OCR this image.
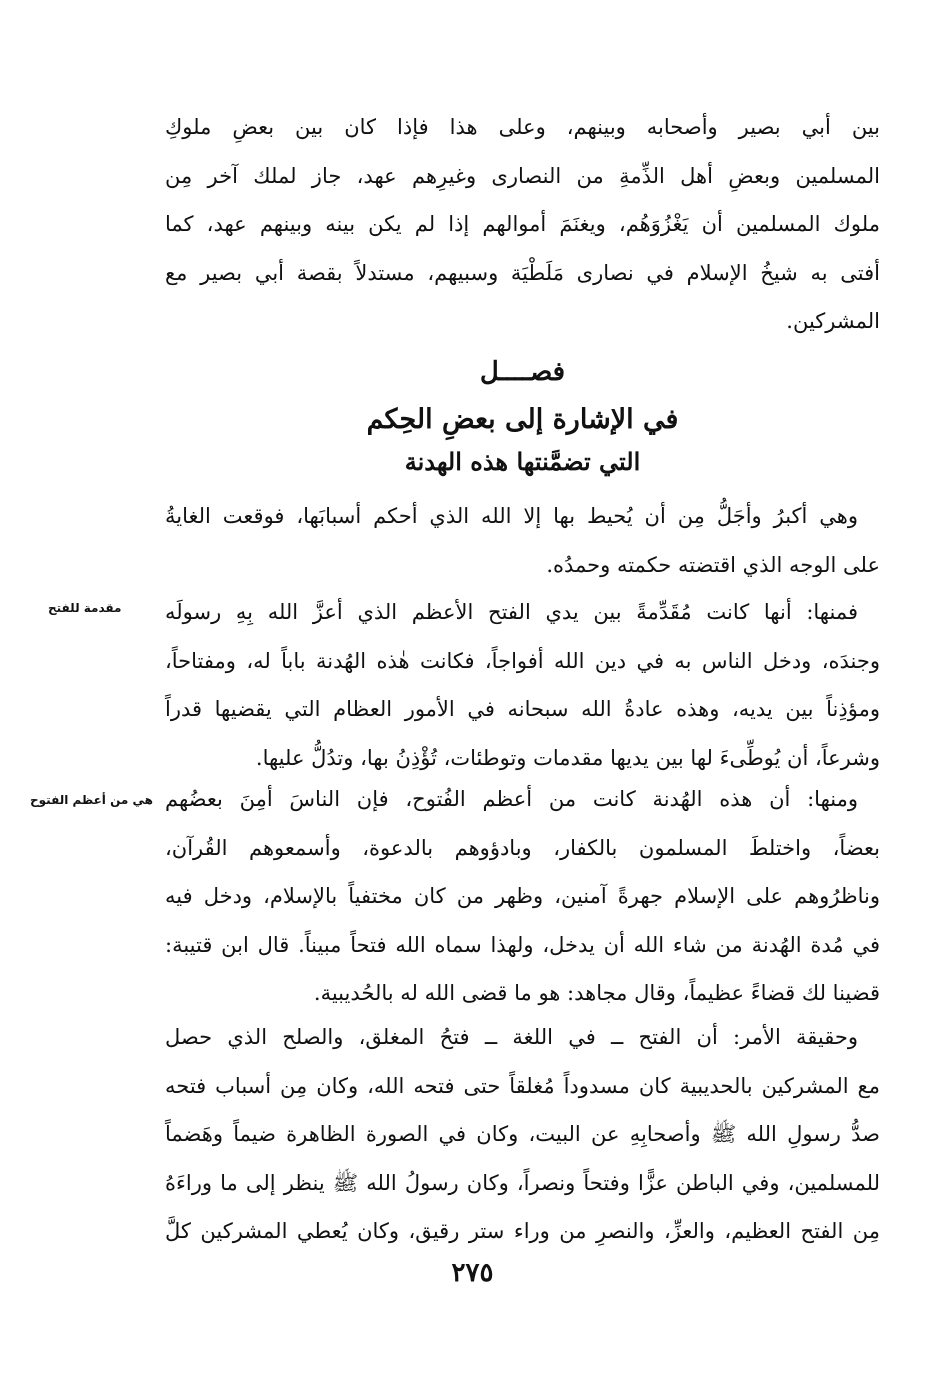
بين أبي بصير وأصحابه وبينهم، وعلى هذا فإذا كان بين بعضِ ملوكِ
المسلمين وبعضِ أهل الذِّمةِ من النصارى وغيرِهم عهد، جاز لملك آخر مِن
ملوك المسلمين أن يَغْزُوَهُم، ويغنَمَ أموالهم إذا لم يكن بينه وبينهم عهد، كما
أفتى به شيخُ الإسلام في نصارى مَلَطْيَة وسبيهم، مستدلاً بقصة أبي بصير مع
المشركين.
فصــــل
في الإشارة إلى بعضِ الحِكم
التي تضمَّنتها هذه الهدنة
وهي أكبرُ وأجَلُّ مِن أن يُحيط بها إلا الله الذي أحكم أسبابَها، فوقعت الغايةُ
على الوجه الذي اقتضته حكمته وحمدُه.
فمنها: أنها كانت مُقَدِّمةً بين يدي الفتح الأعظم الذي أعزَّ الله بِهِ رسولَه
وجندَه، ودخل الناس به في دين الله أفواجاً، فكانت هٰذه الهُدنة باباً له، ومفتاحاً،
ومؤذِناً بين يديه، وهذه عادةُ الله سبحانه في الأمور العظام التي يقضيها قدراً
وشرعاً، أن يُوطِّىءَ لها بين يديها مقدمات وتوطئات، تُؤْذِنُ بها، وتدُلُّ عليها.
ومنها: أن هذه الهُدنة كانت من أعظم الفُتوح، فإن الناسَ أمِنَ بعضُهم
بعضاً، واختلطَ المسلمون بالكفار، وبادؤوهم بالدعوة، وأسمعوهم القُرآن،
وناظرُوهم على الإسلام جهرةً آمنين، وظهر من كان مختفياً بالإسلام، ودخل فيه
في مُدة الهُدنة من شاء الله أن يدخل، ولهذا سماه الله فتحاً مبيناً. قال ابن قتيبة:
قضينا لك قضاءً عظيماً، وقال مجاهد: هو ما قضى الله له بالحُديبية.
وحقيقة الأمر: أن الفتح ــ في اللغة ــ فتحُ المغلق، والصلح الذي حصل
مع المشركين بالحديبية كان مسدوداً مُغلقاً حتى فتحه الله، وكان مِن أسباب فتحه
صدُّ رسولِ الله ﷺ وأصحابِهِ عن البيت، وكان في الصورة الظاهرة ضيماً وهَضماً
للمسلمين، وفي الباطن عزًّا وفتحاً ونصراً، وكان رسولُ الله ﷺ ينظر إلى ما وراءَهُ
مِن الفتح العظيم، والعزِّ، والنصرِ من وراء ستر رقيق، وكان يُعطي المشركين كلَّ
مقدمة للفتح
هي من أعظم الفتوح
٢٧٥
